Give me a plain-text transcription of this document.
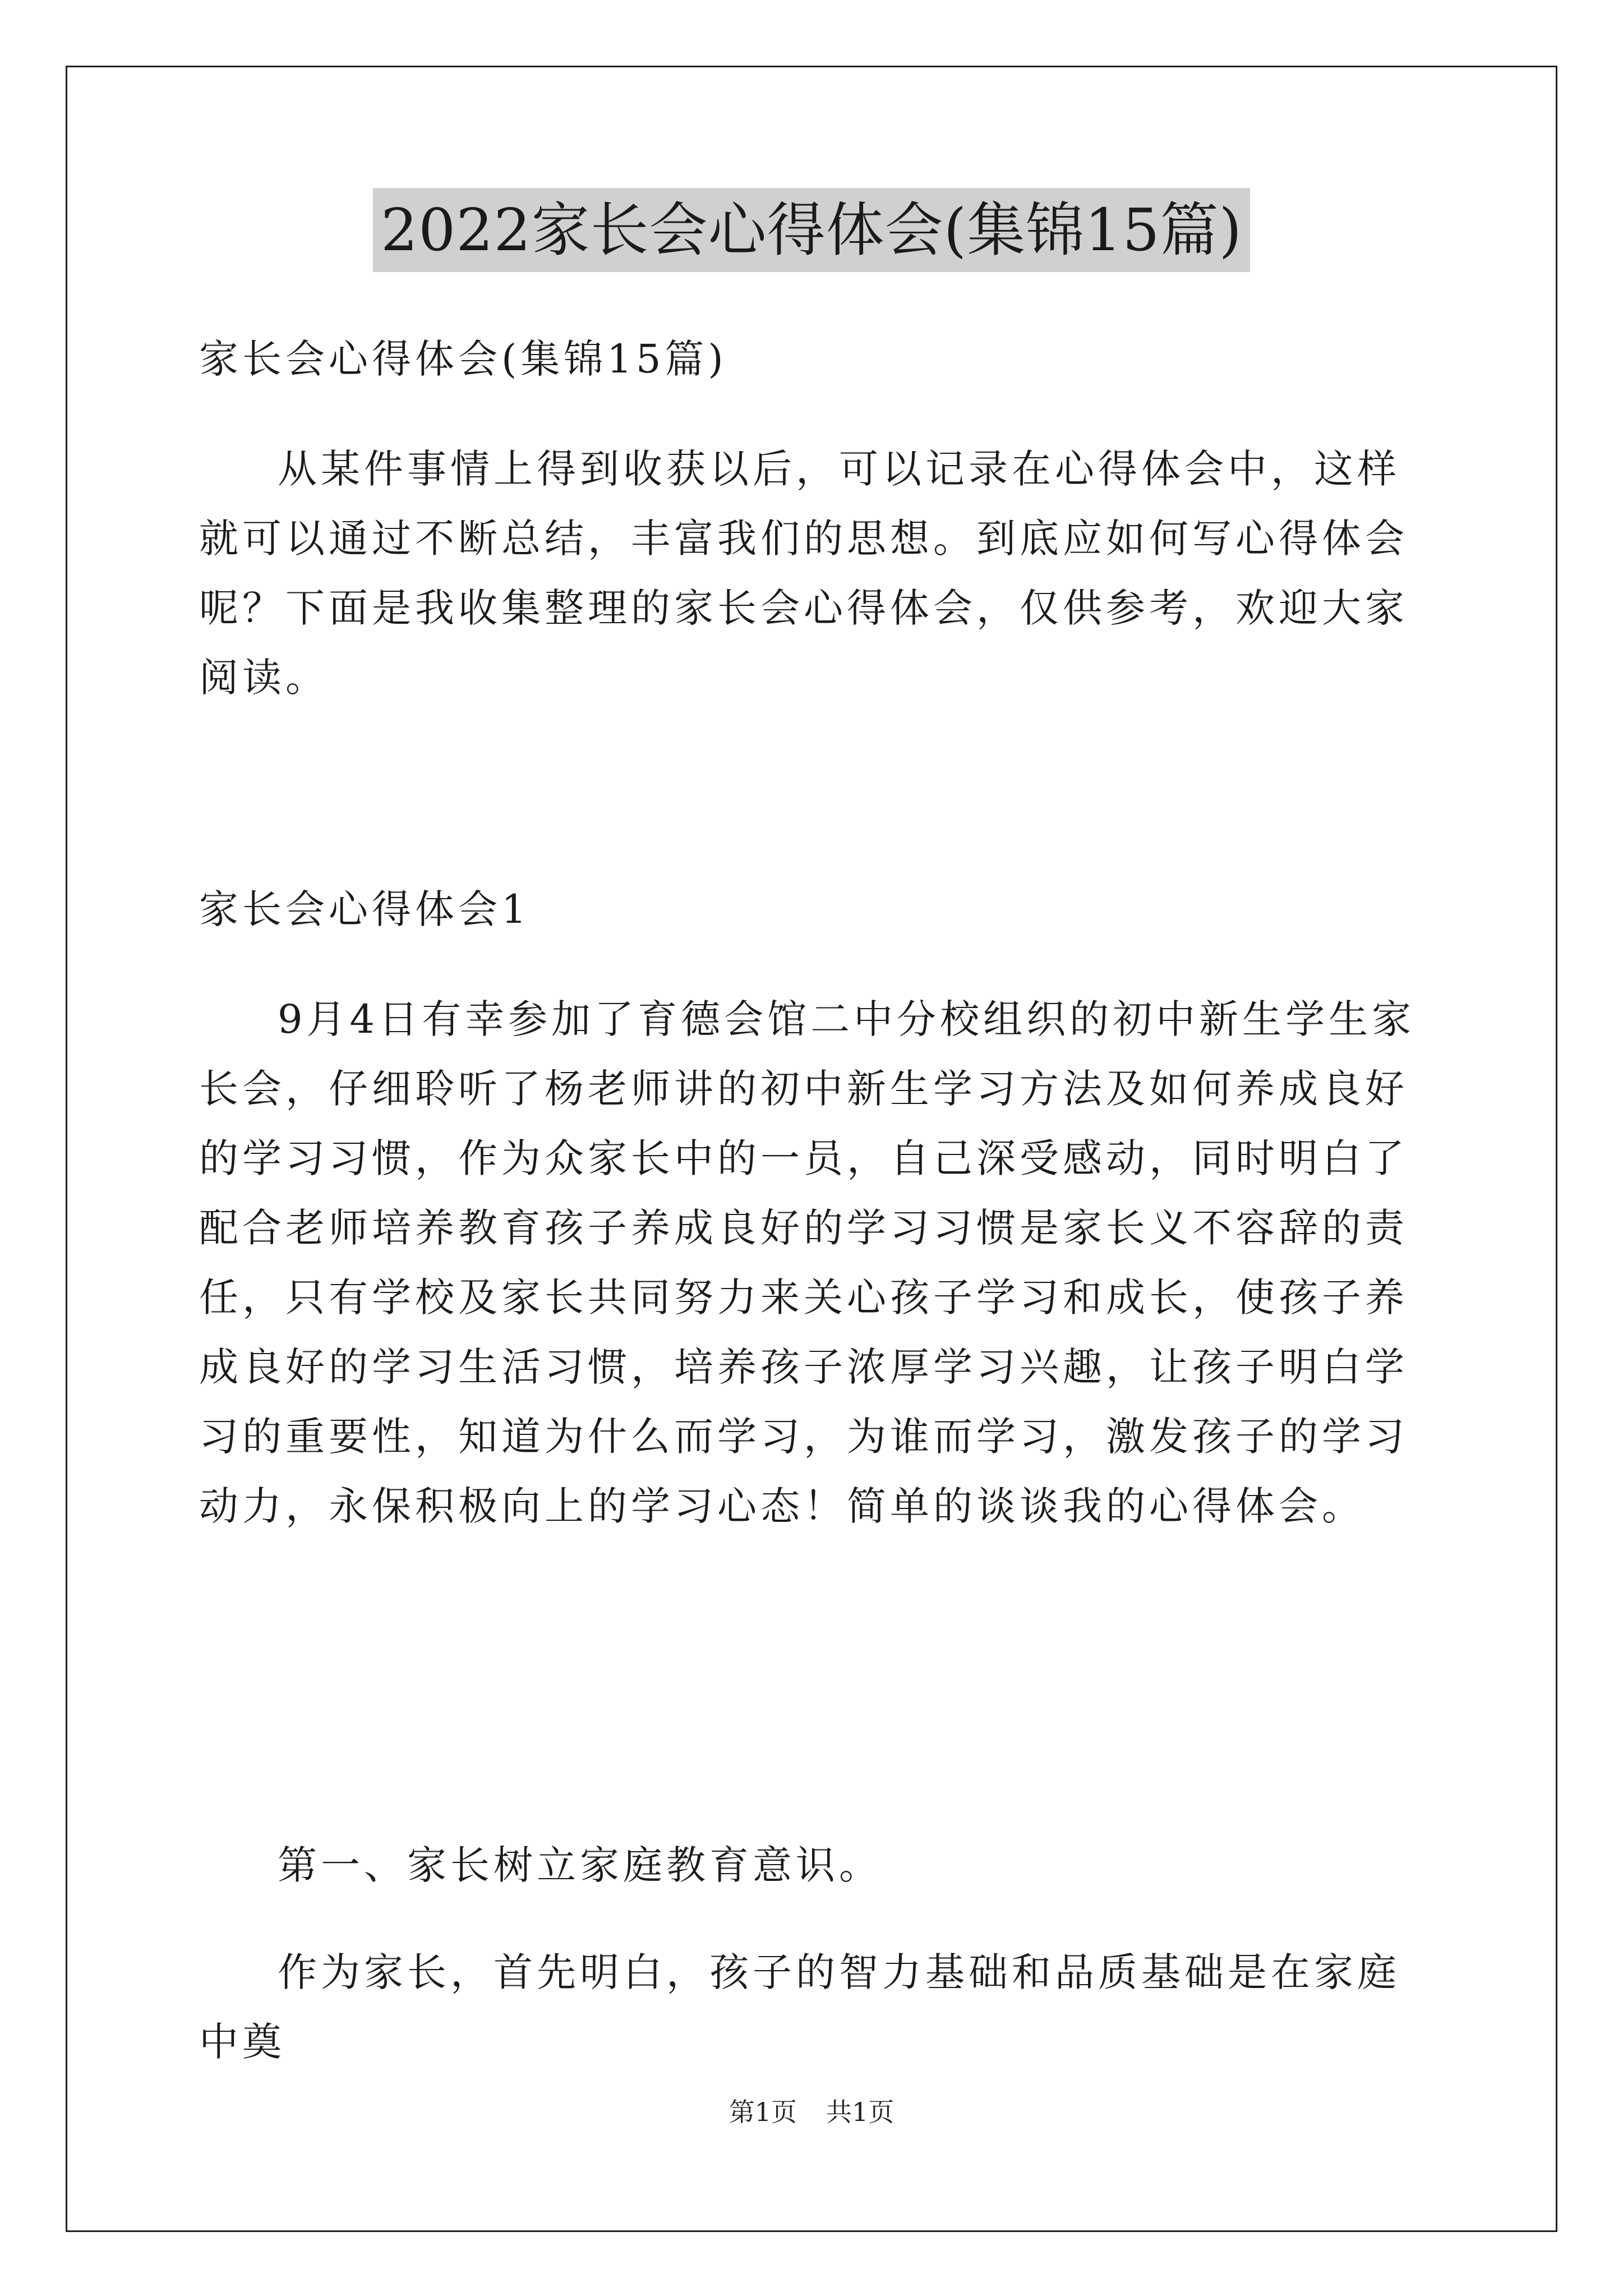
2022家长会心得体会(集锦15篇)

家长会心得体会(集锦15篇)

从某件事情上得到收获以后，可以记录在心得体会中，这样就可以通过不断总结，丰富我们的思想。到底应如何写心得体会呢？下面是我收集整理的家长会心得体会，仅供参考，欢迎大家阅读。

家长会心得体会1

9月4日有幸参加了育德会馆二中分校组织的初中新生学生家长会，仔细聆听了杨老师讲的初中新生学习方法及如何养成良好的学习习惯，作为众家长中的一员，自己深受感动，同时明白了配合老师培养教育孩子养成良好的学习习惯是家长义不容辞的责任，只有学校及家长共同努力来关心孩子学习和成长，使孩子养成良好的学习生活习惯，培养孩子浓厚学习兴趣，让孩子明白学习的重要性，知道为什么而学习，为谁而学习，激发孩子的学习动力，永保积极向上的学习心态！简单的谈谈我的心得体会。

第一、家长树立家庭教育意识。

作为家长，首先明白，孩子的智力基础和品质基础是在家庭中奠

第1页 共1页
